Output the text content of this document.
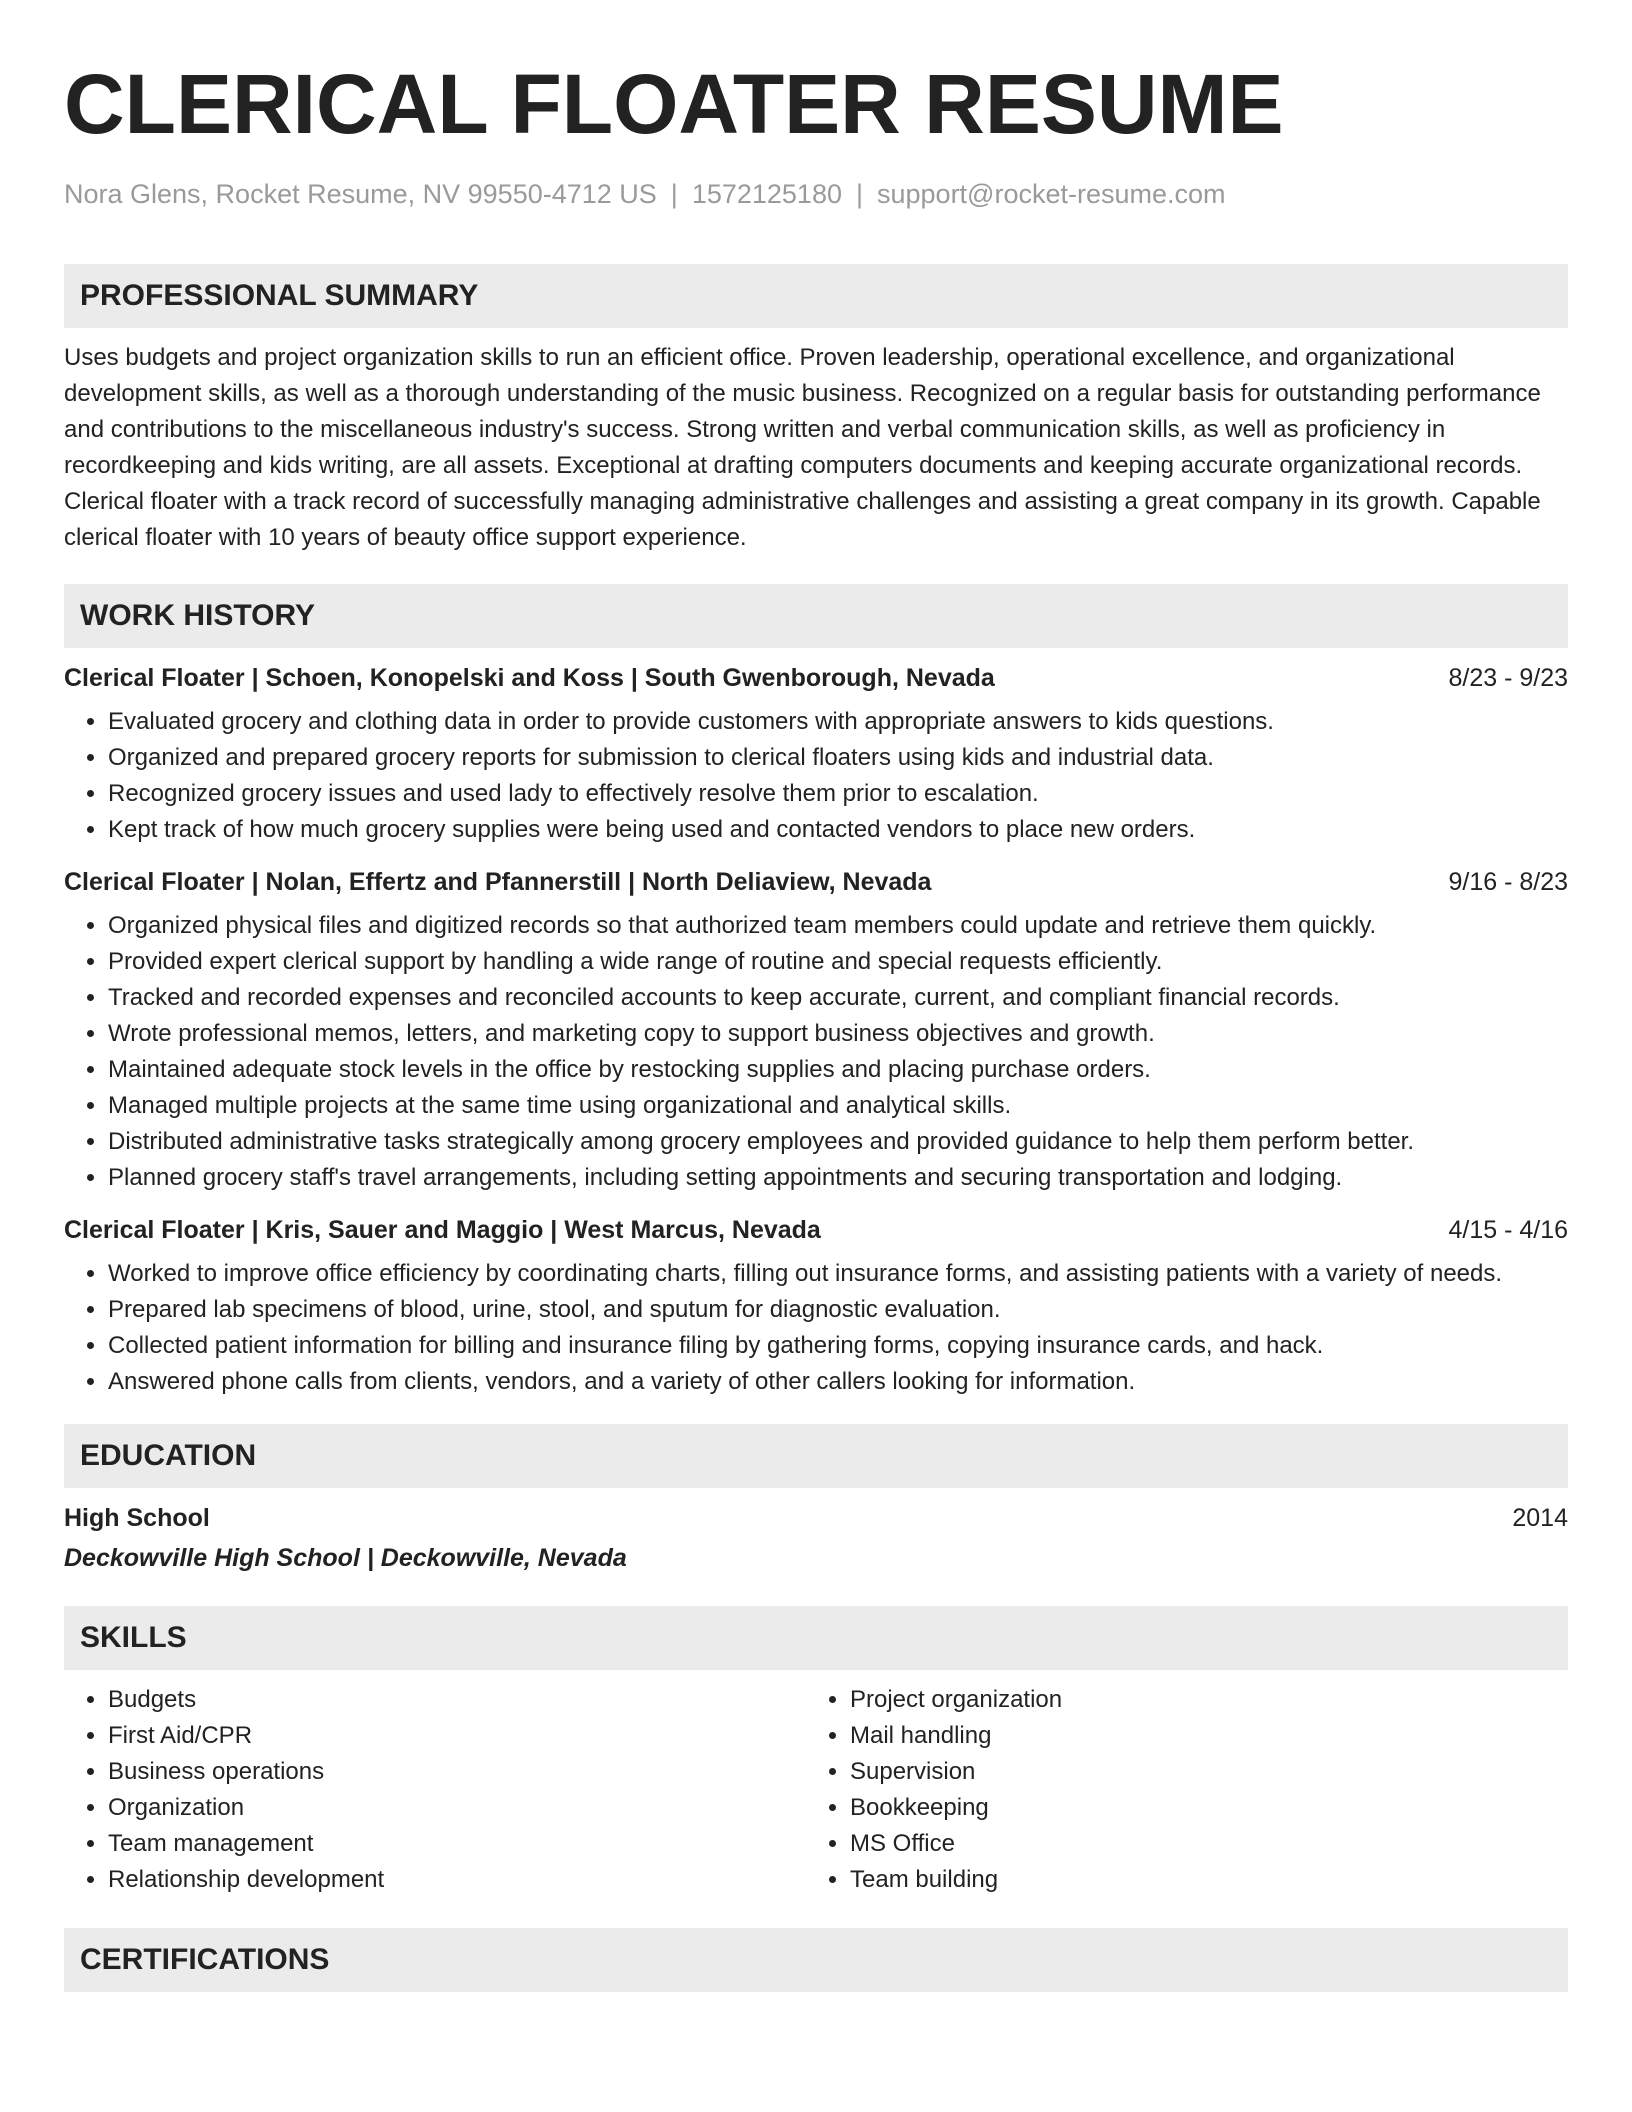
CLERICAL FLOATER RESUME
Nora Glens, Rocket Resume, NV 99550-4712 US | 1572125180 | support@rocket-resume.com
PROFESSIONAL SUMMARY

Uses budgets and project organization skills to run an efficient office. Proven leadership, operational excellence, and organizational development skills, as well as a thorough understanding of the music business. Recognized on a regular basis for outstanding performance and contributions to the miscellaneous industry's success. Strong written and verbal communication skills, as well as proficiency in recordkeeping and kids writing, are all assets. Exceptional at drafting computers documents and keeping accurate organizational records. Clerical floater with a track record of successfully managing administrative challenges and assisting a great company in its growth. Capable clerical floater with 10 years of beauty office support experience.

WORK HISTORY
Clerical Floater | Schoen, Konopelski and Koss | South Gwenborough, Nevada	8/23 - 9/23
• Evaluated grocery and clothing data in order to provide customers with appropriate answers to kids questions.
• Organized and prepared grocery reports for submission to clerical floaters using kids and industrial data.
• Recognized grocery issues and used lady to effectively resolve them prior to escalation.
• Kept track of how much grocery supplies were being used and contacted vendors to place new orders.
Clerical Floater | Nolan, Effertz and Pfannerstill | North Deliaview, Nevada	9/16 - 8/23
• Organized physical files and digitized records so that authorized team members could update and retrieve them quickly.
• Provided expert clerical support by handling a wide range of routine and special requests efficiently.
• Tracked and recorded expenses and reconciled accounts to keep accurate, current, and compliant financial records.
• Wrote professional memos, letters, and marketing copy to support business objectives and growth.
• Maintained adequate stock levels in the office by restocking supplies and placing purchase orders.
• Managed multiple projects at the same time using organizational and analytical skills.
• Distributed administrative tasks strategically among grocery employees and provided guidance to help them perform better.
• Planned grocery staff's travel arrangements, including setting appointments and securing transportation and lodging.
Clerical Floater | Kris, Sauer and Maggio | West Marcus, Nevada	4/15 - 4/16
• Worked to improve office efficiency by coordinating charts, filling out insurance forms, and assisting patients with a variety of needs.
• Prepared lab specimens of blood, urine, stool, and sputum for diagnostic evaluation.
• Collected patient information for billing and insurance filing by gathering forms, copying insurance cards, and hack.
• Answered phone calls from clients, vendors, and a variety of other callers looking for information.
EDUCATION
High School	2014
Deckowville High School | Deckowville, Nevada
SKILLS
• Budgets
• First Aid/CPR
• Business operations
• Organization
• Team management
• Relationship development
• Project organization
• Mail handling
• Supervision
• Bookkeeping
• MS Office
• Team building
CERTIFICATIONS
